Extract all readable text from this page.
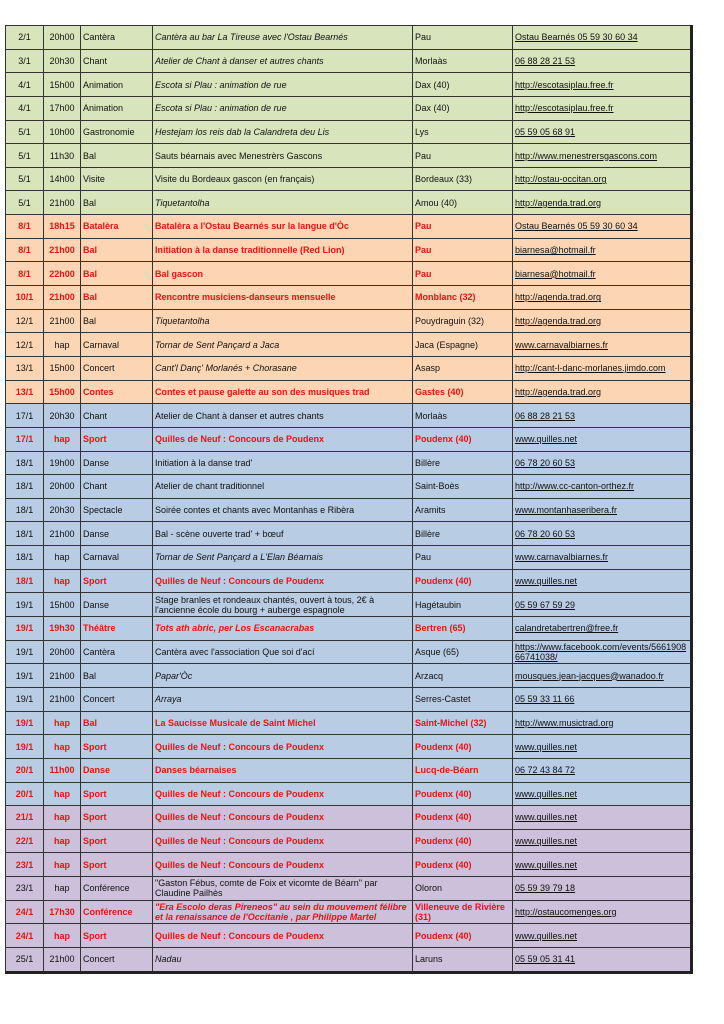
2/1	20h00	Cantèra	Cantèra au bar La Tireuse avec l'Ostau Bearnés	Pau	Ostau Bearnés 05 59 30 60 34
3/1	20h30	Chant	Atelier de Chant à danser et autres chants	Morlaàs	06 88 28 21 53
4/1	15h00	Animation	Escota si Plau : animation de rue	Dax (40)	http://escotasiplau.free.fr
4/1	17h00	Animation	Escota si Plau : animation de rue	Dax (40)	http://escotasiplau.free.fr
5/1	10h00	Gastronomie	Hestejam los reis dab la Calandreta deu Lis	Lys	05 59 05 68 91
5/1	11h30	Bal	Sauts béarnais avec Menestrèrs Gascons	Pau	http://www.menestrersgascons.com
5/1	14h00	Visite	Visite du Bordeaux gascon (en français)	Bordeaux (33)	http://ostau-occitan.org
5/1	21h00	Bal	Tiquetantolha	Amou (40)	http://agenda.trad.org
8/1	18h15	Batalèra	Batalèra a l'Ostau Bearnés sur la langue d'Òc	Pau	Ostau Bearnés 05 59 30 60 34
8/1	21h00	Bal	Initiation à la danse traditionnelle (Red Lion)	Pau	biarnesa@hotmail.fr
8/1	22h00	Bal	Bal gascon	Pau	biarnesa@hotmail.fr
10/1	21h00	Bal	Rencontre musiciens-danseurs mensuelle	Monblanc (32)	http://agenda.trad.org
12/1	21h00	Bal	Tiquetantolha	Pouydraguin (32)	http://agenda.trad.org
12/1	hap	Carnaval	Tornar de Sent Pançard a Jaca	Jaca (Espagne)	www.carnavalbiarnes.fr
13/1	15h00	Concert	Cant'l Danç' Morlanés + Chorasane	Asasp	http://cant-l-danc-morlanes.jimdo.com
13/1	15h00	Contes	Contes et pause galette au son des musiques trad	Gastes (40)	http://agenda.trad.org
17/1	20h30	Chant	Atelier de Chant à danser et autres chants	Morlaàs	06 88 28 21 53
17/1	hap	Sport	Quilles de Neuf : Concours de Poudenx	Poudenx (40)	www.quilles.net
18/1	19h00	Danse	Initiation à la danse trad'	Billère	06 78 20 60 53
18/1	20h00	Chant	Atelier de chant traditionnel	Saint-Boès	http://www.cc-canton-orthez.fr
18/1	20h30	Spectacle	Soirée contes et chants avec Montanhas e Ribèra	Aramits	www.montanhaseribera.fr
18/1	21h00	Danse	Bal - scène ouverte trad' + bœuf	Billère	06 78 20 60 53
18/1	hap	Carnaval	Tornar de Sent Pançard a L'Elan Béarnais	Pau	www.carnavalbiarnes.fr
18/1	hap	Sport	Quilles de Neuf : Concours de Poudenx	Poudenx (40)	www.quilles.net
19/1	15h00	Danse	Stage branles et rondeaux chantés, ouvert à tous, 2€ à l'ancienne école du bourg + auberge espagnole	Hagétaubin	05 59 67 59 29
19/1	19h30	Théâtre	Tots ath abric, per Los Escanacrabas	Bertren (65)	calandretabertren@free.fr
19/1	20h00	Cantèra	Cantèra avec l'association Que soi d'ací	Asque (65)	https://www.facebook.com/events/566190866741038/
19/1	21h00	Bal	Papar'Òc	Arzacq	mousques.jean-jacques@wanadoo.fr
19/1	21h00	Concert	Arraya	Serres-Castet	05 59 33 11 66
19/1	hap	Bal	La Saucisse Musicale de Saint Michel	Saint-Michel (32)	http://www.musictrad.org
19/1	hap	Sport	Quilles de Neuf : Concours de Poudenx	Poudenx (40)	www.quilles.net
20/1	11h00	Danse	Danses béarnaises	Lucq-de-Béarn	06 72 43 84 72
20/1	hap	Sport	Quilles de Neuf : Concours de Poudenx	Poudenx (40)	www.quilles.net
21/1	hap	Sport	Quilles de Neuf : Concours de Poudenx	Poudenx (40)	www.quilles.net
22/1	hap	Sport	Quilles de Neuf : Concours de Poudenx	Poudenx (40)	www.quilles.net
23/1	hap	Sport	Quilles de Neuf : Concours de Poudenx	Poudenx (40)	www.quilles.net
23/1	hap	Conférence	"Gaston Fébus, comte de Foix et vicomte de Béarn" par Claudine Pailhès	Oloron	05 59 39 79 18
24/1	17h30	Conférence	"Era Escolo deras Pireneos" au sein du mouvement félibre et la renaissance de l'Occitanie , par Philippe Martel	Villeneuve de Rivière (31)	http://ostaucomenges.org
24/1	hap	Sport	Quilles de Neuf : Concours de Poudenx	Poudenx (40)	www.quilles.net
25/1	21h00	Concert	Nadau	Laruns	05 59 05 31 41
